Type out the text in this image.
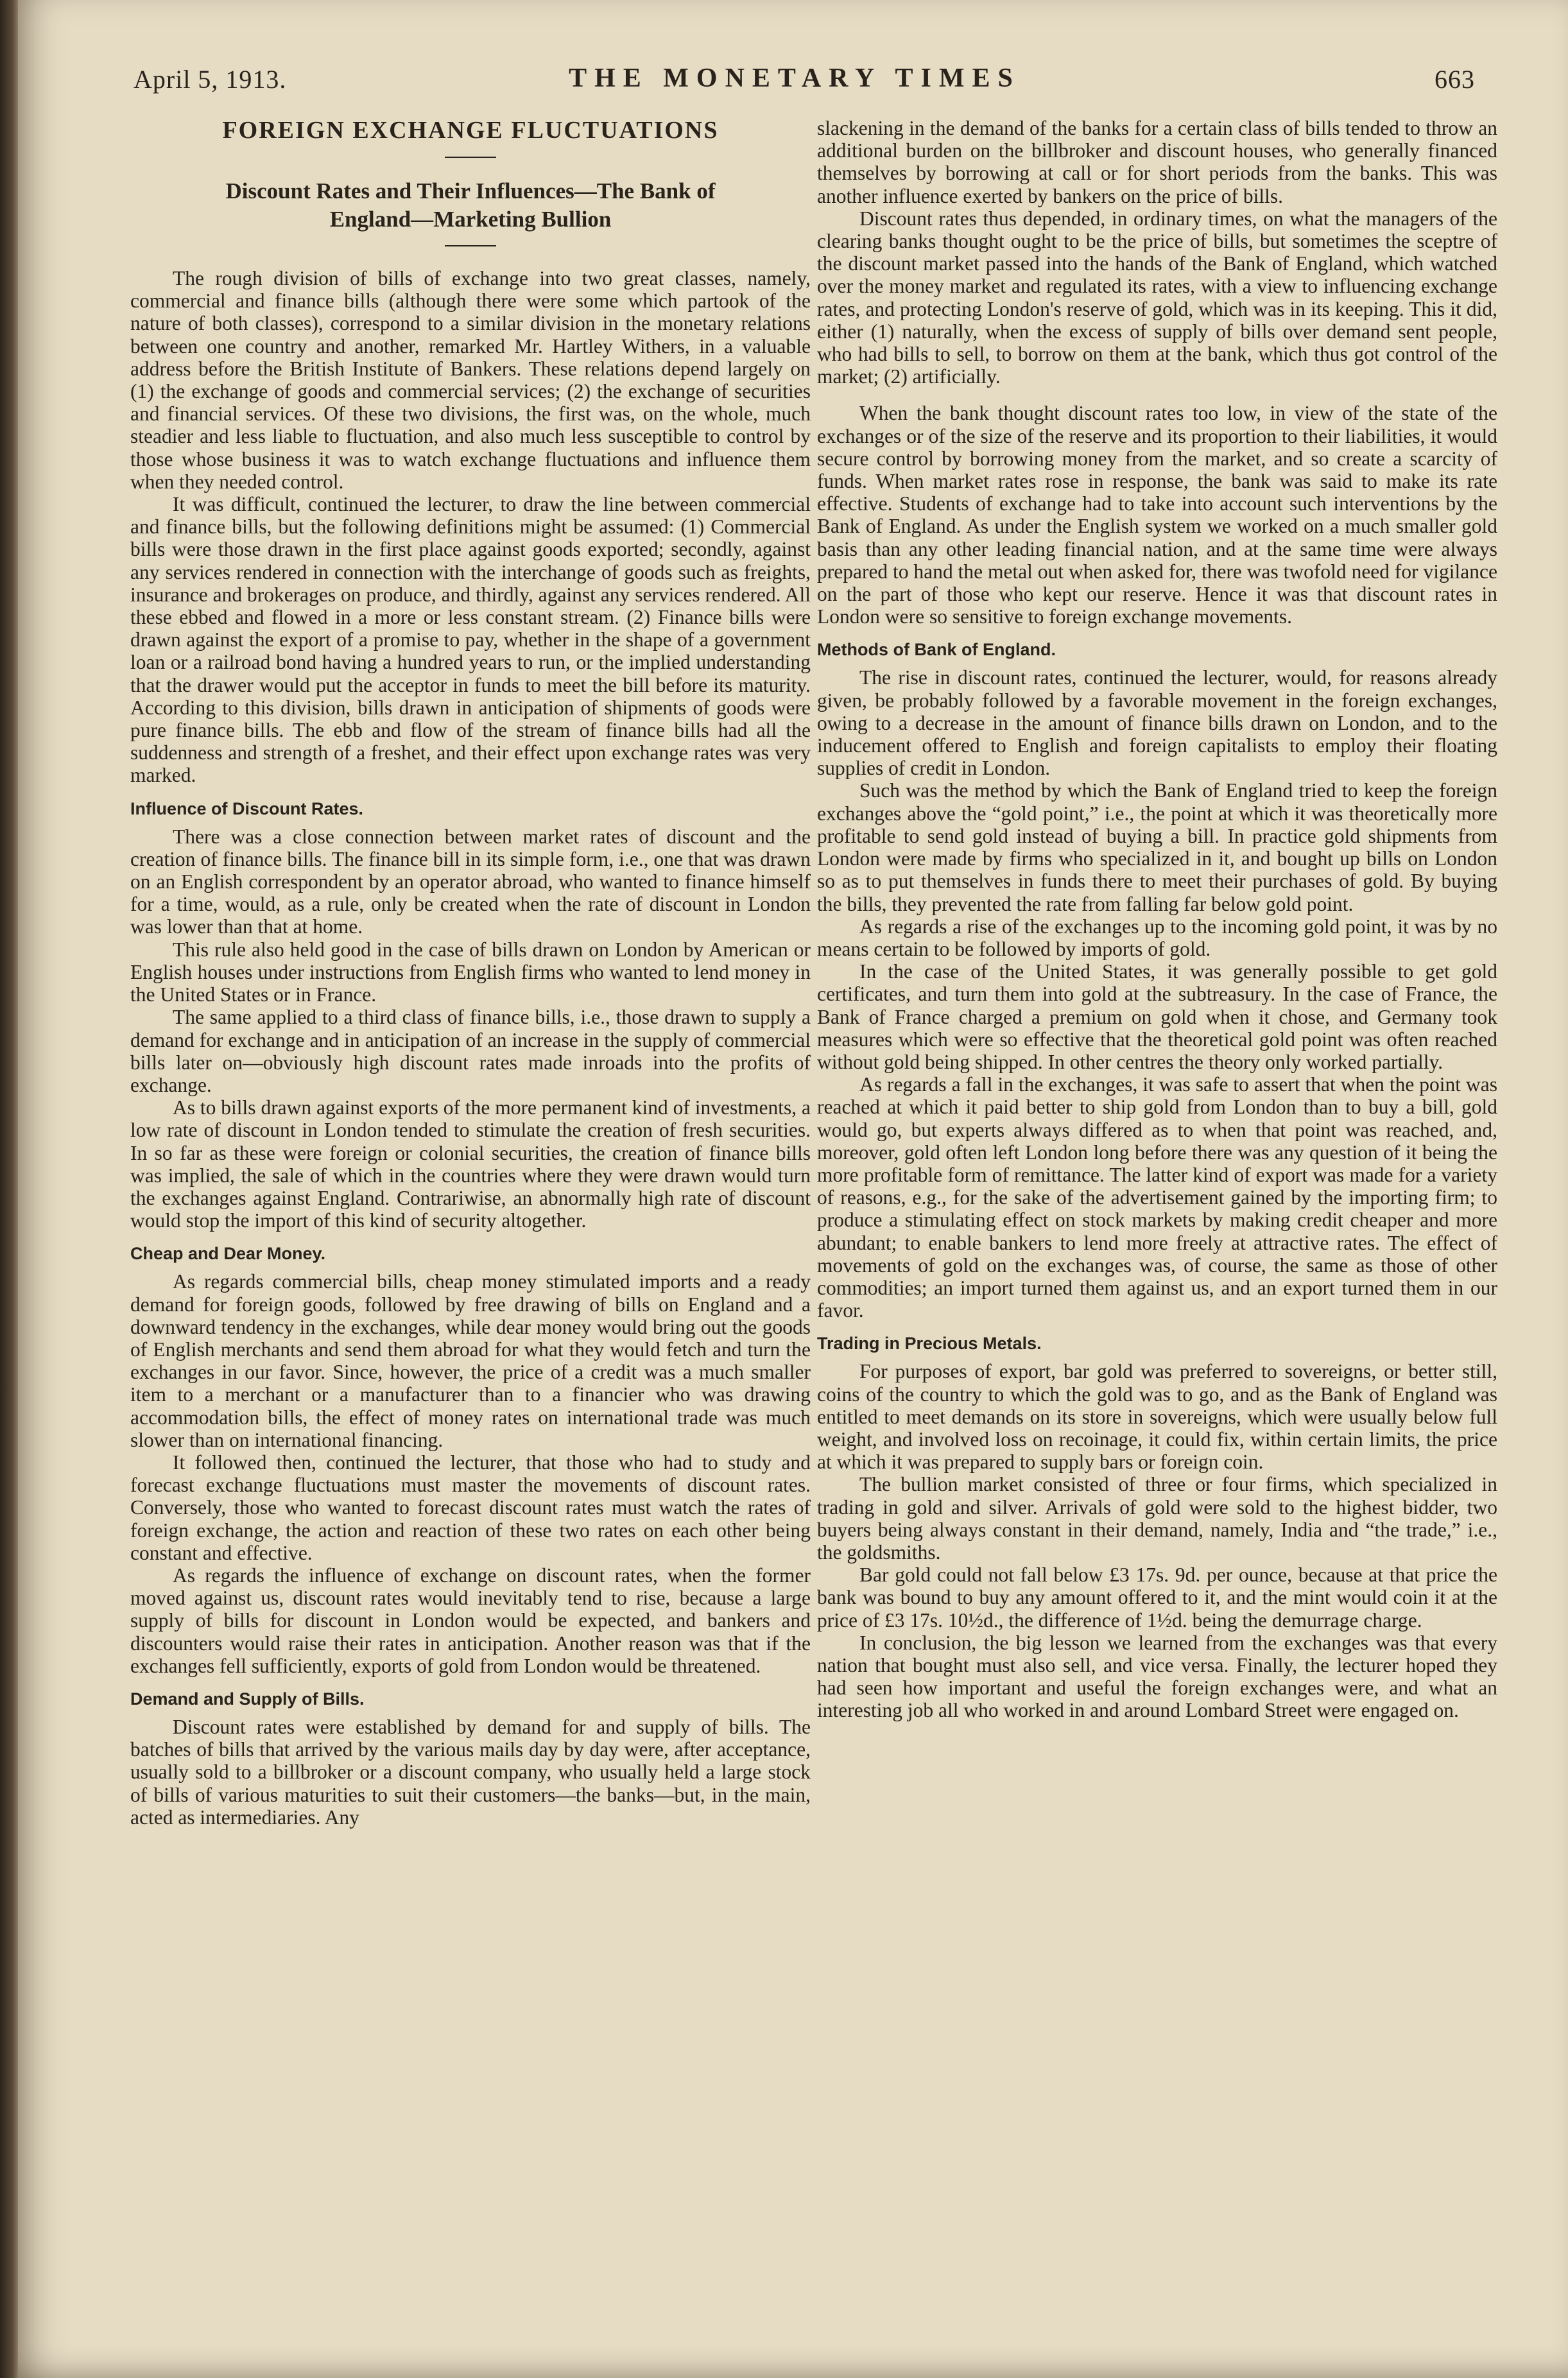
April 5, 1913.	THE MONETARY TIMES	663
FOREIGN EXCHANGE FLUCTUATIONS
Discount Rates and Their Influences—The Bank of
England—Marketing Bullion

The rough division of bills of exchange into two great classes, namely, commercial and finance bills (although there were some which partook of the nature of both classes), correspond to a similar division in the monetary relations between one country and another, remarked Mr. Hartley Withers, in a valuable address before the British Institute of Bankers. These relations depend largely on (1) the exchange of goods and commercial services; (2) the exchange of securities and financial services. Of these two divisions, the first was, on the whole, much steadier and less liable to fluctuation, and also much less susceptible to control by those whose business it was to watch exchange fluctuations and influence them when they needed control.

It was difficult, continued the lecturer, to draw the line between commercial and finance bills, but the following definitions might be assumed: (1) Commercial bills were those drawn in the first place against goods exported; secondly, against any services rendered in connection with the interchange of goods such as freights, insurance and brokerages on produce, and thirdly, against any services rendered. All these ebbed and flowed in a more or less constant stream. (2) Finance bills were drawn against the export of a promise to pay, whether in the shape of a government loan or a railroad bond having a hundred years to run, or the implied understanding that the drawer would put the acceptor in funds to meet the bill before its maturity. According to this division, bills drawn in anticipation of shipments of goods were pure finance bills. The ebb and flow of the stream of finance bills had all the suddenness and strength of a freshet, and their effect upon exchange rates was very marked.

Influence of Discount Rates.

There was a close connection between market rates of discount and the creation of finance bills. The finance bill in its simple form, i.e., one that was drawn on an English correspondent by an operator abroad, who wanted to finance himself for a time, would, as a rule, only be created when the rate of discount in London was lower than that at home.

This rule also held good in the case of bills drawn on London by American or English houses under instructions from English firms who wanted to lend money in the United States or in France.

The same applied to a third class of finance bills, i.e., those drawn to supply a demand for exchange and in anticipation of an increase in the supply of commercial bills later on—obviously high discount rates made inroads into the profits of exchange.

As to bills drawn against exports of the more permanent kind of investments, a low rate of discount in London tended to stimulate the creation of fresh securities. In so far as these were foreign or colonial securities, the creation of finance bills was implied, the sale of which in the countries where they were drawn would turn the exchanges against England. Contrariwise, an abnormally high rate of discount would stop the import of this kind of security altogether.

Cheap and Dear Money.

As regards commercial bills, cheap money stimulated imports and a ready demand for foreign goods, followed by free drawing of bills on England and a downward tendency in the exchanges, while dear money would bring out the goods of English merchants and send them abroad for what they would fetch and turn the exchanges in our favor. Since, however, the price of a credit was a much smaller item to a merchant or a manufacturer than to a financier who was drawing accommodation bills, the effect of money rates on international trade was much slower than on international financing.

It followed then, continued the lecturer, that those who had to study and forecast exchange fluctuations must master the movements of discount rates. Conversely, those who wanted to forecast discount rates must watch the rates of foreign exchange, the action and reaction of these two rates on each other being constant and effective.

As regards the influence of exchange on discount rates, when the former moved against us, discount rates would inevitably tend to rise, because a large supply of bills for discount in London would be expected, and bankers and discounters would raise their rates in anticipation. Another reason was that if the exchanges fell sufficiently, exports of gold from London would be threatened.

Demand and Supply of Bills.

Discount rates were established by demand for and supply of bills. The batches of bills that arrived by the various mails day by day were, after acceptance, usually sold to a billbroker or a discount company, who usually held a large stock of bills of various maturities to suit their customers—the banks—but, in the main, acted as intermediaries. Any

slackening in the demand of the banks for a certain class of bills tended to throw an additional burden on the billbroker and discount houses, who generally financed themselves by borrowing at call or for short periods from the banks. This was another influence exerted by bankers on the price of bills.

Discount rates thus depended, in ordinary times, on what the managers of the clearing banks thought ought to be the price of bills, but sometimes the sceptre of the discount market passed into the hands of the Bank of England, which watched over the money market and regulated its rates, with a view to influencing exchange rates, and protecting London's reserve of gold, which was in its keeping. This it did, either (1) naturally, when the excess of supply of bills over demand sent people, who had bills to sell, to borrow on them at the bank, which thus got control of the market; (2) artificially.

When the bank thought discount rates too low, in view of the state of the exchanges or of the size of the reserve and its proportion to their liabilities, it would secure control by borrowing money from the market, and so create a scarcity of funds. When market rates rose in response, the bank was said to make its rate effective. Students of exchange had to take into account such interventions by the Bank of England. As under the English system we worked on a much smaller gold basis than any other leading financial nation, and at the same time were always prepared to hand the metal out when asked for, there was twofold need for vigilance on the part of those who kept our reserve. Hence it was that discount rates in London were so sensitive to foreign exchange movements.

Methods of Bank of England.

The rise in discount rates, continued the lecturer, would, for reasons already given, be probably followed by a favorable movement in the foreign exchanges, owing to a decrease in the amount of finance bills drawn on London, and to the inducement offered to English and foreign capitalists to employ their floating supplies of credit in London.

Such was the method by which the Bank of England tried to keep the foreign exchanges above the “gold point,” i.e., the point at which it was theoretically more profitable to send gold instead of buying a bill. In practice gold shipments from London were made by firms who specialized in it, and bought up bills on London so as to put themselves in funds there to meet their purchases of gold. By buying the bills, they prevented the rate from falling far below gold point.

As regards a rise of the exchanges up to the incoming gold point, it was by no means certain to be followed by imports of gold.

In the case of the United States, it was generally possible to get gold certificates, and turn them into gold at the subtreasury. In the case of France, the Bank of France charged a premium on gold when it chose, and Germany took measures which were so effective that the theoretical gold point was often reached without gold being shipped. In other centres the theory only worked partially.

As regards a fall in the exchanges, it was safe to assert that when the point was reached at which it paid better to ship gold from London than to buy a bill, gold would go, but experts always differed as to when that point was reached, and, moreover, gold often left London long before there was any question of it being the more profitable form of remittance. The latter kind of export was made for a variety of reasons, e.g., for the sake of the advertisement gained by the importing firm; to produce a stimulating effect on stock markets by making credit cheaper and more abundant; to enable bankers to lend more freely at attractive rates. The effect of movements of gold on the exchanges was, of course, the same as those of other commodities; an import turned them against us, and an export turned them in our favor.

Trading in Precious Metals.

For purposes of export, bar gold was preferred to sovereigns, or better still, coins of the country to which the gold was to go, and as the Bank of England was entitled to meet demands on its store in sovereigns, which were usually below full weight, and involved loss on recoinage, it could fix, within certain limits, the price at which it was prepared to supply bars or foreign coin.

The bullion market consisted of three or four firms, which specialized in trading in gold and silver. Arrivals of gold were sold to the highest bidder, two buyers being always constant in their demand, namely, India and “the trade,” i.e., the goldsmiths.

Bar gold could not fall below £3 17s. 9d. per ounce, because at that price the bank was bound to buy any amount offered to it, and the mint would coin it at the price of £3 17s. 10½d., the difference of 1½d. being the demurrage charge.

In conclusion, the big lesson we learned from the exchanges was that every nation that bought must also sell, and vice versa. Finally, the lecturer hoped they had seen how important and useful the foreign exchanges were, and what an interesting job all who worked in and around Lombard Street were engaged on.
